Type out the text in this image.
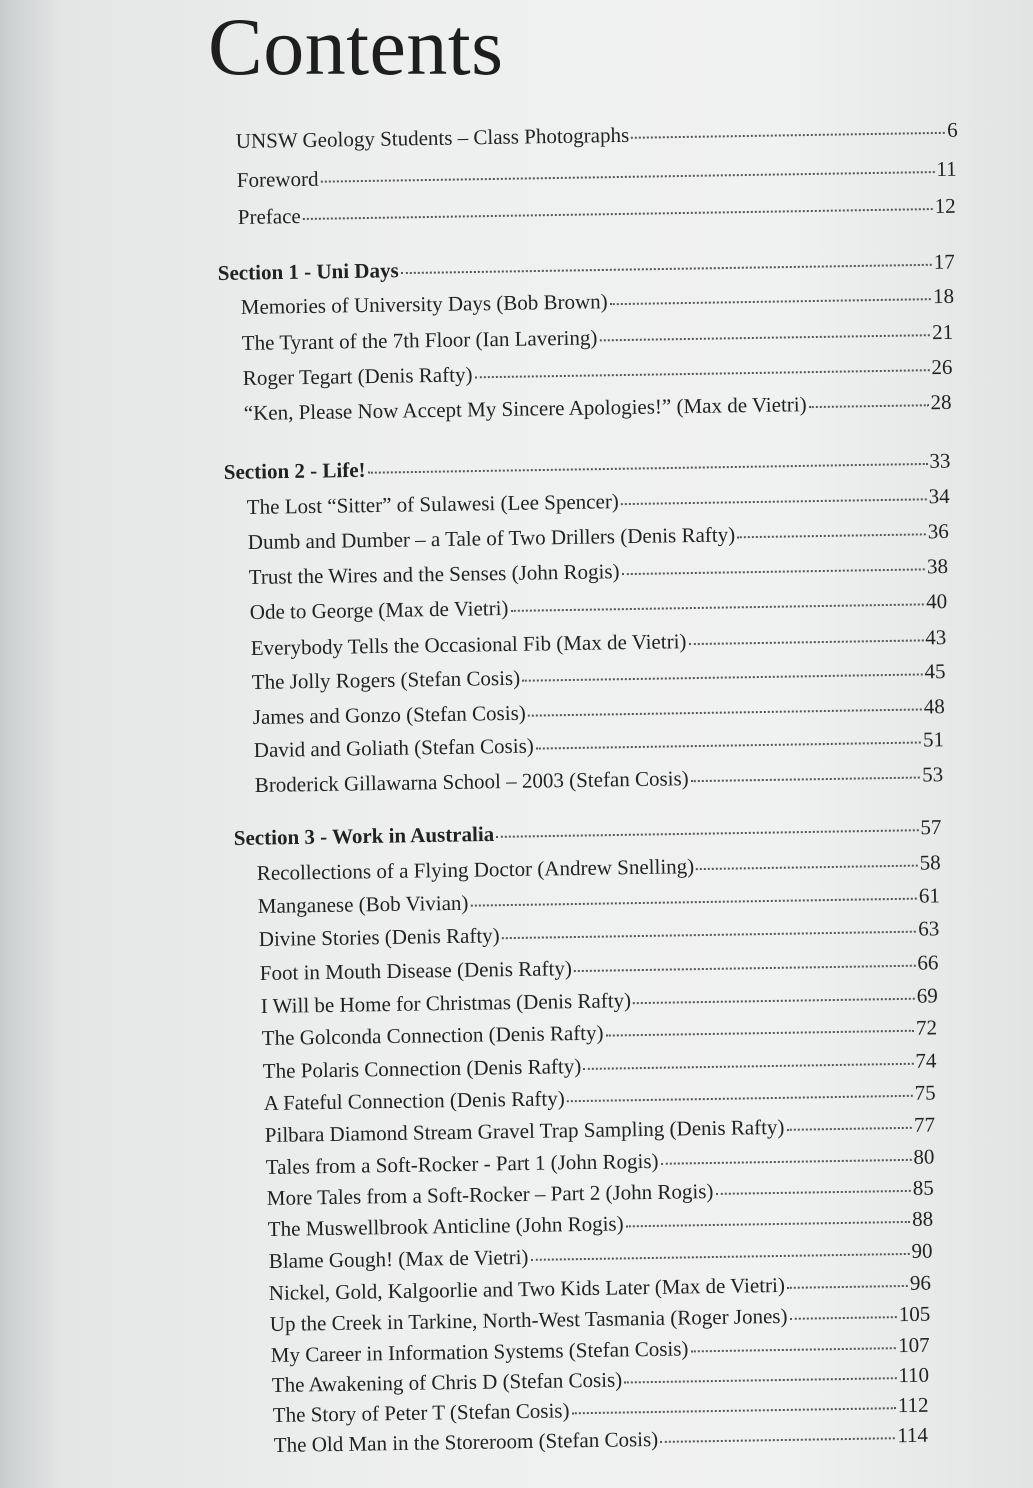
Contents
UNSW Geology Students – Class Photographs	6
Foreword	11
Preface	12
Section 1 - Uni Days	17
Memories of University Days (Bob Brown)	18
The Tyrant of the 7th Floor (Ian Lavering)	21
Roger Tegart (Denis Rafty)	26
“Ken, Please Now Accept My Sincere Apologies!” (Max de Vietri)	28
Section 2 - Life!	33
The Lost “Sitter” of Sulawesi (Lee Spencer)	34
Dumb and Dumber – a Tale of Two Drillers (Denis Rafty)	36
Trust the Wires and the Senses (John Rogis)	38
Ode to George (Max de Vietri)	40
Everybody Tells the Occasional Fib (Max de Vietri)	43
The Jolly Rogers (Stefan Cosis)	45
James and Gonzo (Stefan Cosis)	48
David and Goliath (Stefan Cosis)	51
Broderick Gillawarna School – 2003 (Stefan Cosis)	53
Section 3 - Work in Australia	57
Recollections of a Flying Doctor (Andrew Snelling)	58
Manganese (Bob Vivian)	61
Divine Stories (Denis Rafty)	63
Foot in Mouth Disease (Denis Rafty)	66
I Will be Home for Christmas (Denis Rafty)	69
The Golconda Connection (Denis Rafty)	72
The Polaris Connection (Denis Rafty)	74
A Fateful Connection (Denis Rafty)	75
Pilbara Diamond Stream Gravel Trap Sampling (Denis Rafty)	77
Tales from a Soft-Rocker - Part 1 (John Rogis)	80
More Tales from a Soft-Rocker – Part 2 (John Rogis)	85
The Muswellbrook Anticline (John Rogis)	88
Blame Gough! (Max de Vietri)	90
Nickel, Gold, Kalgoorlie and Two Kids Later (Max de Vietri)	96
Up the Creek in Tarkine, North-West Tasmania (Roger Jones)	105
My Career in Information Systems (Stefan Cosis)	107
The Awakening of Chris D (Stefan Cosis)	110
The Story of Peter T (Stefan Cosis)	112
The Old Man in the Storeroom (Stefan Cosis)	114
